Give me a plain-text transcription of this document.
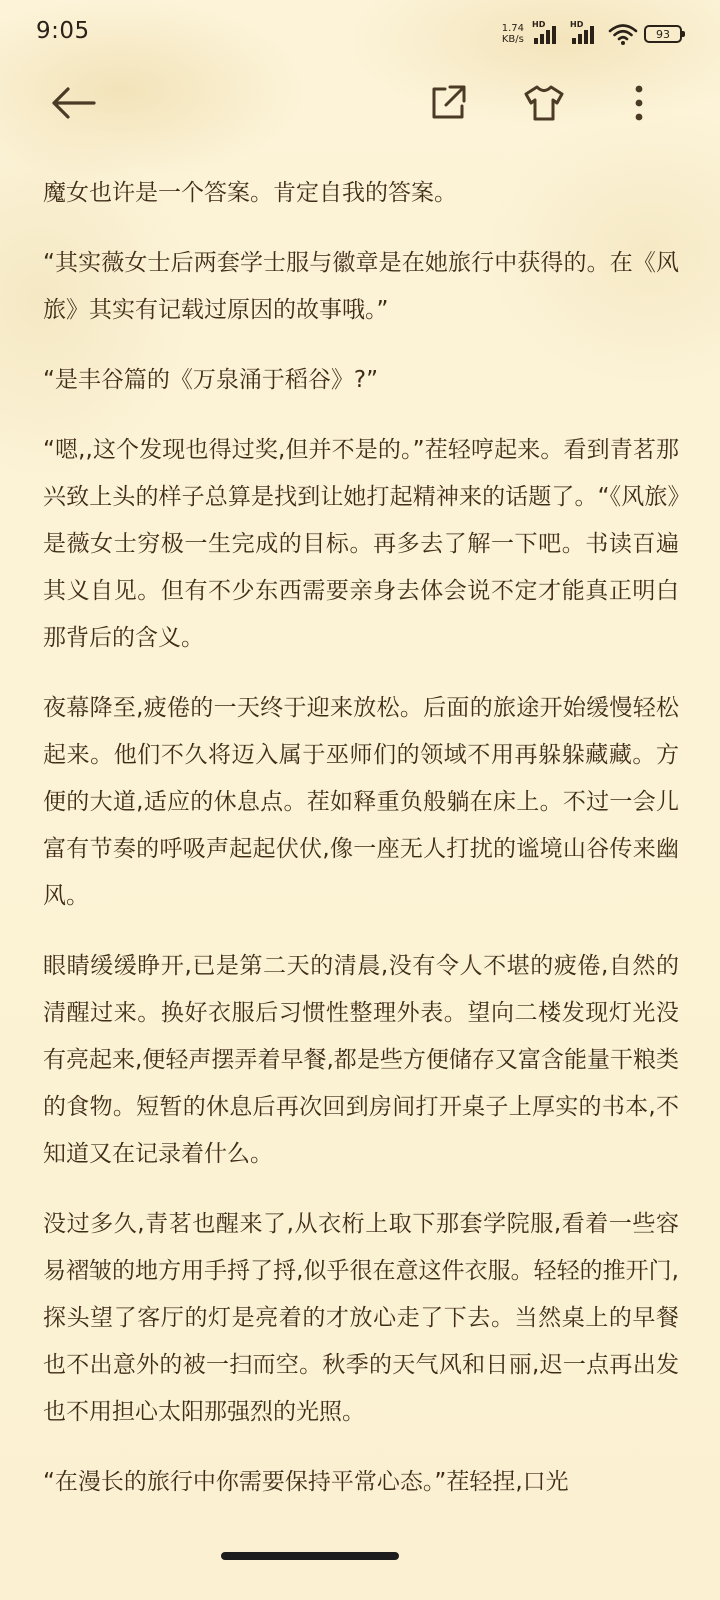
9:05	1.74
KB/s
HD	HD
93

魔女也许是一个答案。肯定自我的答案。

“其实薇女士后两套学士服与徽章是在她旅行中获得的。在《风旅》其实有记载过原因的故事哦。”

“是丰谷篇的《万泉涌于稻谷》?”

“嗯,,这个发现也得过奖,但并不是的。”茬轻哼起来。看到青茗那兴致上头的样子总算是找到让她打起精神来的话题了。“《风旅》是薇女士穷极一生完成的目标。再多去了解一下吧。书读百遍其义自见。但有不少东西需要亲身去体会说不定才能真正明白那背后的含义。

夜幕降至,疲倦的一天终于迎来放松。后面的旅途开始缓慢轻松起来。他们不久将迈入属于巫师们的领域不用再躲躲藏藏。方便的大道,适应的休息点。茬如释重负般躺在床上。不过一会儿富有节奏的呼吸声起起伏伏,像一座无人打扰的谧境山谷传来幽风。

眼睛缓缓睁开,已是第二天的清晨,没有令人不堪的疲倦,自然的清醒过来。换好衣服后习惯性整理外表。望向二楼发现灯光没有亮起来,便轻声摆弄着早餐,都是些方便储存又富含能量干粮类的食物。短暂的休息后再次回到房间打开桌子上厚实的书本,不知道又在记录着什么。

没过多久,青茗也醒来了,从衣桁上取下那套学院服,看着一些容易褶皱的地方用手捋了捋,似乎很在意这件衣服。轻轻的推开门,探头望了客厅的灯是亮着的才放心走了下去。当然桌上的早餐也不出意外的被一扫而空。秋季的天气风和日丽,迟一点再出发也不用担心太阳那强烈的光照。

“在漫长的旅行中你需要保持平常心态。”茬轻捏,口光
